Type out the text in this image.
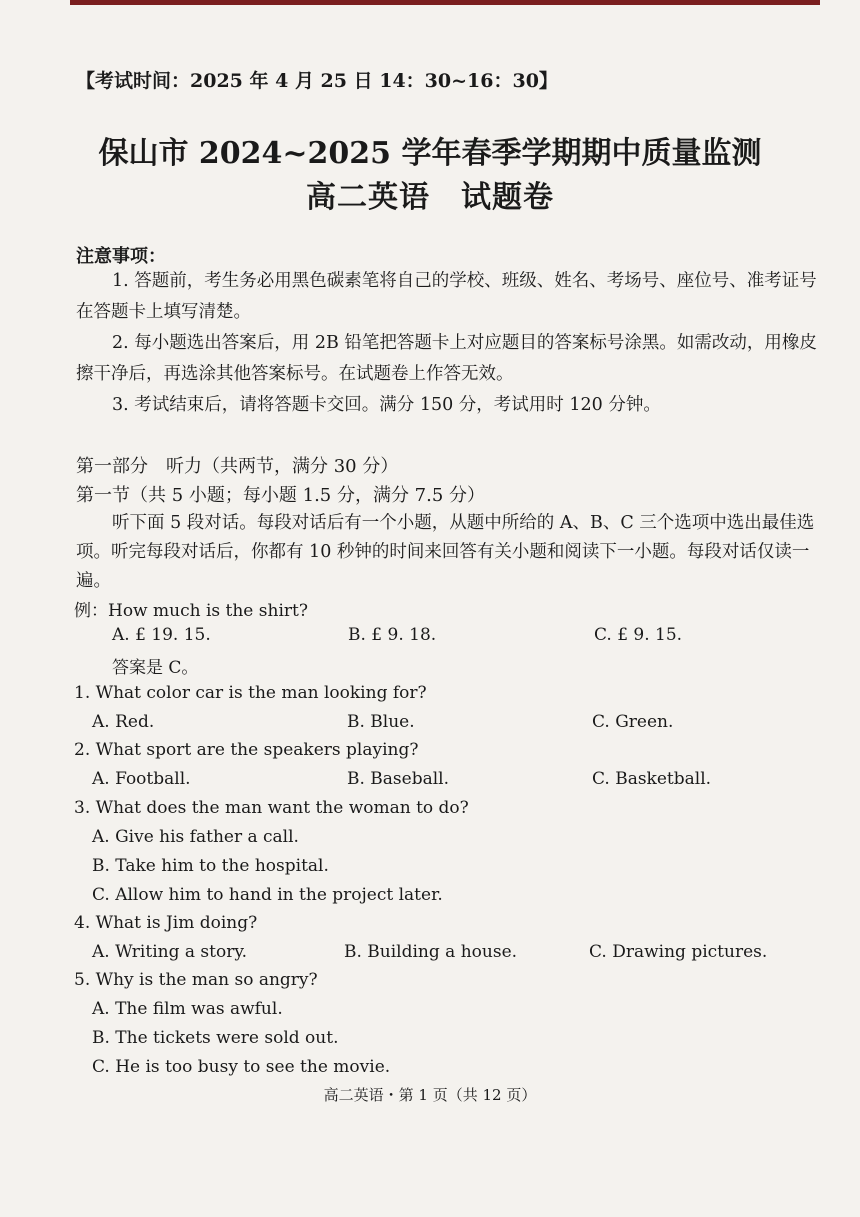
【考试时间：2025 年 4 月 25 日 14：30~16：30】
保山市 2024~2025 学年春季学期期中质量监测
高二英语　试题卷
注意事项：
1. 答题前，考生务必用黑色碳素笔将自己的学校、班级、姓名、考场号、座位号、准考证号在答题卡上填写清楚。
2. 每小题选出答案后，用 2B 铅笔把答题卡上对应题目的答案标号涂黑。如需改动，用橡皮擦干净后，再选涂其他答案标号。在试题卷上作答无效。
3. 考试结束后，请将答题卡交回。满分 150 分，考试用时 120 分钟。
第一部分　听力（共两节，满分 30 分）
第一节（共 5 小题；每小题 1.5 分，满分 7.5 分）
听下面 5 段对话。每段对话后有一个小题，从题中所给的 A、B、C 三个选项中选出最佳选项。听完每段对话后，你都有 10 秒钟的时间来回答有关小题和阅读下一小题。每段对话仅读一遍。
例：How much is the shirt?
A. £ 19. 15.	B. £ 9. 18.	C. £ 9. 15.
答案是 C。
1. What color car is the man looking for?
A. Red.	B. Blue.	C. Green.
2. What sport are the speakers playing?
A. Football.	B. Baseball.	C. Basketball.
3. What does the man want the woman to do?
A. Give his father a call.
B. Take him to the hospital.
C. Allow him to hand in the project later.
4. What is Jim doing?
A. Writing a story.	B. Building a house.	C. Drawing pictures.
5. Why is the man so angry?
A. The film was awful.
B. The tickets were sold out.
C. He is too busy to see the movie.
高二英语・第 1 页（共 12 页）
